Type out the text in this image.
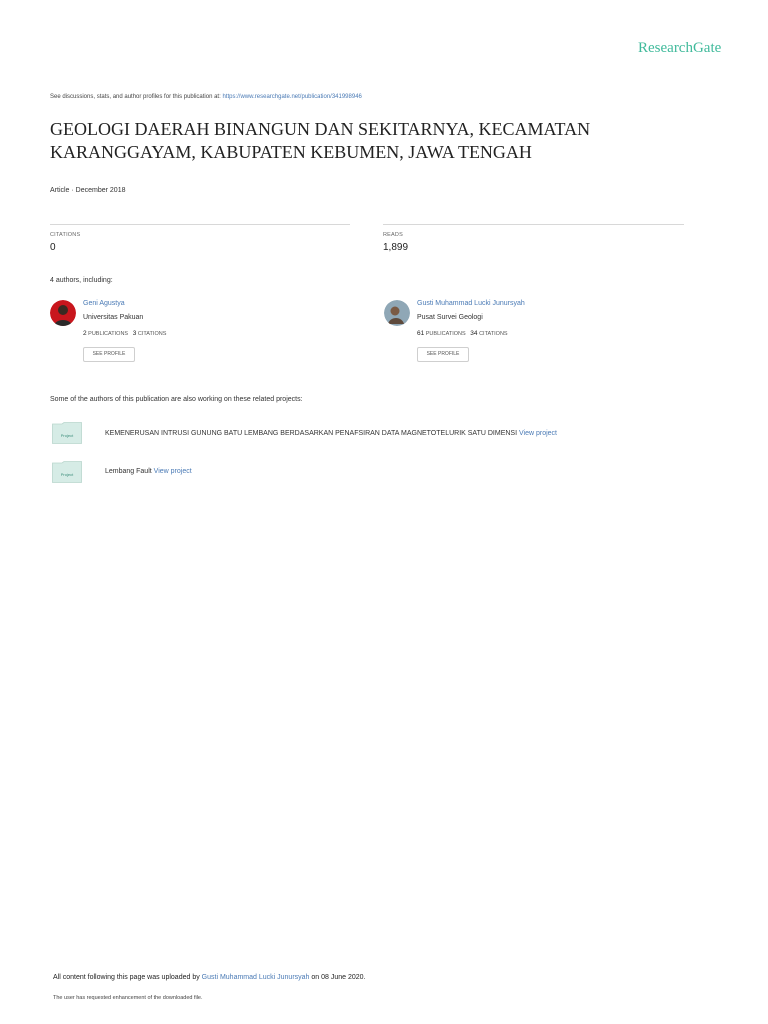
ResearchGate
See discussions, stats, and author profiles for this publication at: https://www.researchgate.net/publication/341998946
GEOLOGI DAERAH BINANGUN DAN SEKITARNYA, KECAMATAN KARANGGAYAM, KABUPATEN KEBUMEN, JAWA TENGAH
Article · December 2018
CITATIONS
0
READS
1,899
4 authors, including:
Geni Agustya
Universitas Pakuan
2 PUBLICATIONS 3 CITATIONS
SEE PROFILE
Gusti Muhammad Lucki Junursyah
Pusat Survei Geologi
61 PUBLICATIONS 34 CITATIONS
SEE PROFILE
Some of the authors of this publication are also working on these related projects:
Project	KEMENERUSAN INTRUSI GUNUNG BATU LEMBANG BERDASARKAN PENAFSIRAN DATA MAGNETOTELURIK SATU DIMENSI View project
Project	Lembang Fault View project
All content following this page was uploaded by Gusti Muhammad Lucki Junursyah on 08 June 2020.
The user has requested enhancement of the downloaded file.
